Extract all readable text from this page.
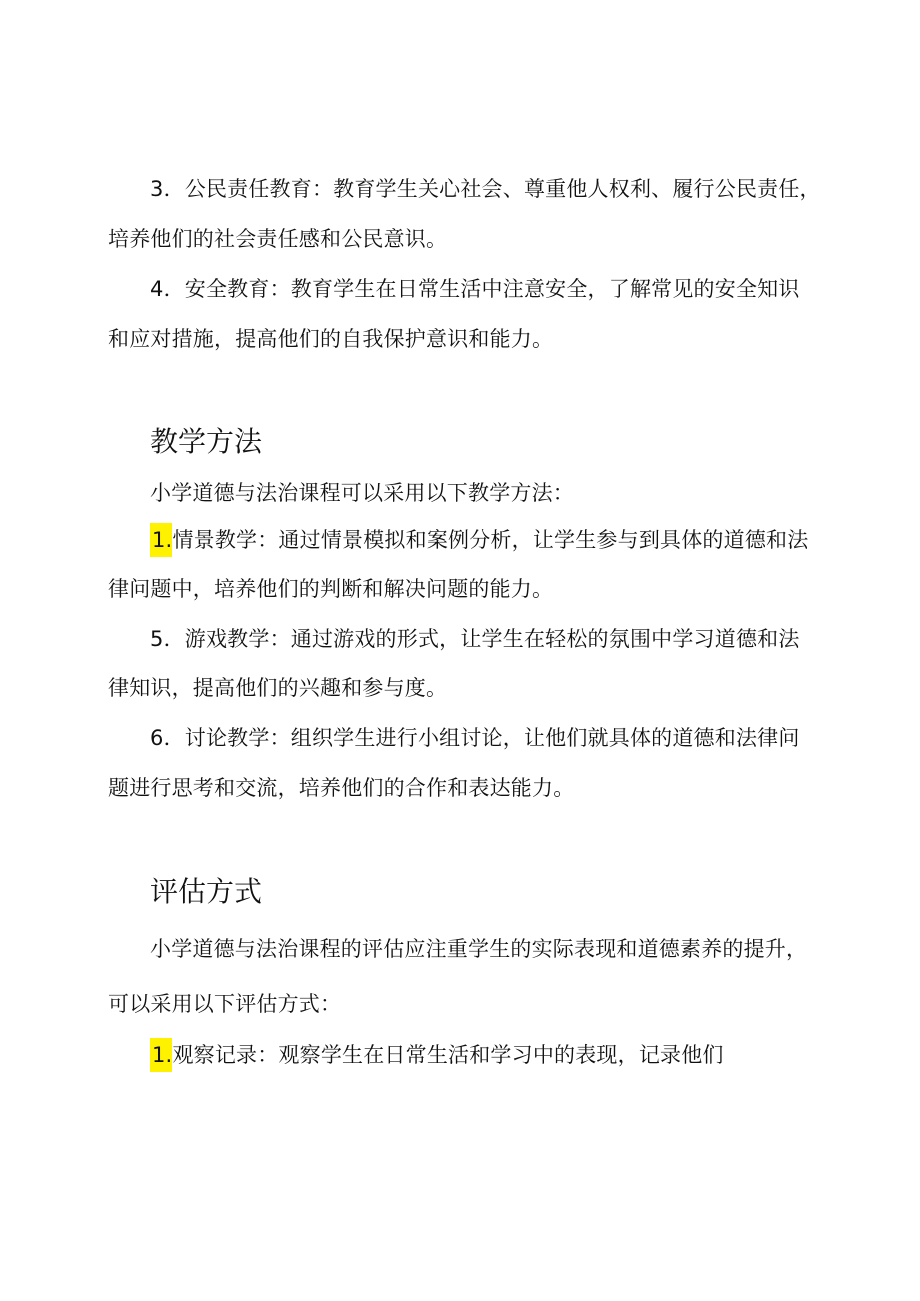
3．公民责任教育：教育学生关心社会、尊重他人权利、履行公民责任，
培养他们的社会责任感和公民意识。
4．安全教育：教育学生在日常生活中注意安全，了解常见的安全知识
和应对措施，提高他们的自我保护意识和能力。
教学方法
小学道德与法治课程可以采用以下教学方法：
1.情景教学：通过情景模拟和案例分析，让学生参与到具体的道德和法
律问题中，培养他们的判断和解决问题的能力。
5．游戏教学：通过游戏的形式，让学生在轻松的氛围中学习道德和法
律知识，提高他们的兴趣和参与度。
6．讨论教学：组织学生进行小组讨论，让他们就具体的道德和法律问
题进行思考和交流，培养他们的合作和表达能力。
评估方式
小学道德与法治课程的评估应注重学生的实际表现和道德素养的提升，
可以采用以下评估方式：
1.观察记录：观察学生在日常生活和学习中的表现，记录他们
